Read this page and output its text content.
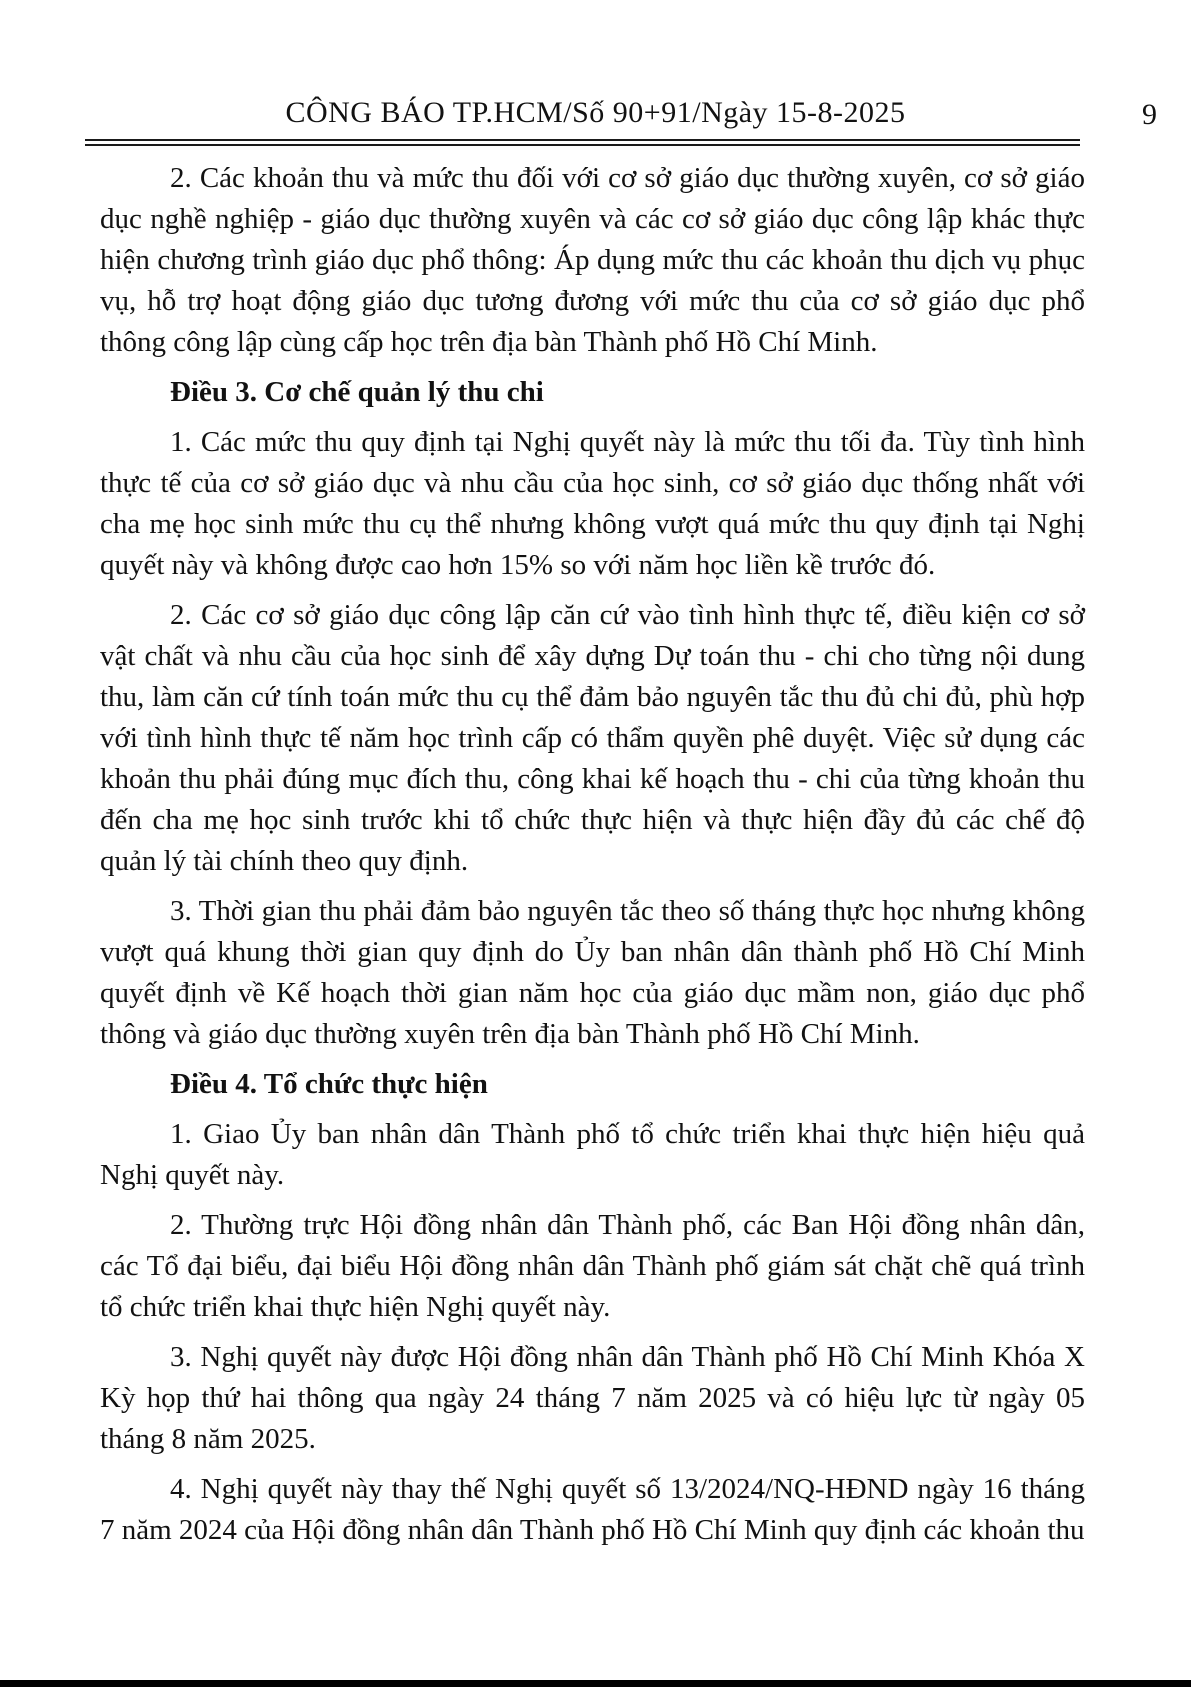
CÔNG BÁO TP.HCM/Số 90+91/Ngày 15-8-2025	9

2. Các khoản thu và mức thu đối với cơ sở giáo dục thường xuyên, cơ sở giáo dục nghề nghiệp - giáo dục thường xuyên và các cơ sở giáo dục công lập khác thực hiện chương trình giáo dục phổ thông: Áp dụng mức thu các khoản thu dịch vụ phục vụ, hỗ trợ hoạt động giáo dục tương đương với mức thu của cơ sở giáo dục phổ thông công lập cùng cấp học trên địa bàn Thành phố Hồ Chí Minh.

Điều 3. Cơ chế quản lý thu chi

1. Các mức thu quy định tại Nghị quyết này là mức thu tối đa. Tùy tình hình thực tế của cơ sở giáo dục và nhu cầu của học sinh, cơ sở giáo dục thống nhất với cha mẹ học sinh mức thu cụ thể nhưng không vượt quá mức thu quy định tại Nghị quyết này và không được cao hơn 15% so với năm học liền kề trước đó.

2. Các cơ sở giáo dục công lập căn cứ vào tình hình thực tế, điều kiện cơ sở vật chất và nhu cầu của học sinh để xây dựng Dự toán thu - chi cho từng nội dung thu, làm căn cứ tính toán mức thu cụ thể đảm bảo nguyên tắc thu đủ chi đủ, phù hợp với tình hình thực tế năm học trình cấp có thẩm quyền phê duyệt. Việc sử dụng các khoản thu phải đúng mục đích thu, công khai kế hoạch thu - chi của từng khoản thu đến cha mẹ học sinh trước khi tổ chức thực hiện và thực hiện đầy đủ các chế độ quản lý tài chính theo quy định.

3. Thời gian thu phải đảm bảo nguyên tắc theo số tháng thực học nhưng không vượt quá khung thời gian quy định do Ủy ban nhân dân thành phố Hồ Chí Minh quyết định về Kế hoạch thời gian năm học của giáo dục mầm non, giáo dục phổ thông và giáo dục thường xuyên trên địa bàn Thành phố Hồ Chí Minh.

Điều 4. Tổ chức thực hiện

1. Giao Ủy ban nhân dân Thành phố tổ chức triển khai thực hiện hiệu quả Nghị quyết này.

2. Thường trực Hội đồng nhân dân Thành phố, các Ban Hội đồng nhân dân, các Tổ đại biểu, đại biểu Hội đồng nhân dân Thành phố giám sát chặt chẽ quá trình tổ chức triển khai thực hiện Nghị quyết này.

3. Nghị quyết này được Hội đồng nhân dân Thành phố Hồ Chí Minh Khóa X Kỳ họp thứ hai thông qua ngày 24 tháng 7 năm 2025 và có hiệu lực từ ngày 05 tháng 8 năm 2025.

4. Nghị quyết này thay thế Nghị quyết số 13/2024/NQ-HĐND ngày 16 tháng 7 năm 2024 của Hội đồng nhân dân Thành phố Hồ Chí Minh quy định các khoản thu
